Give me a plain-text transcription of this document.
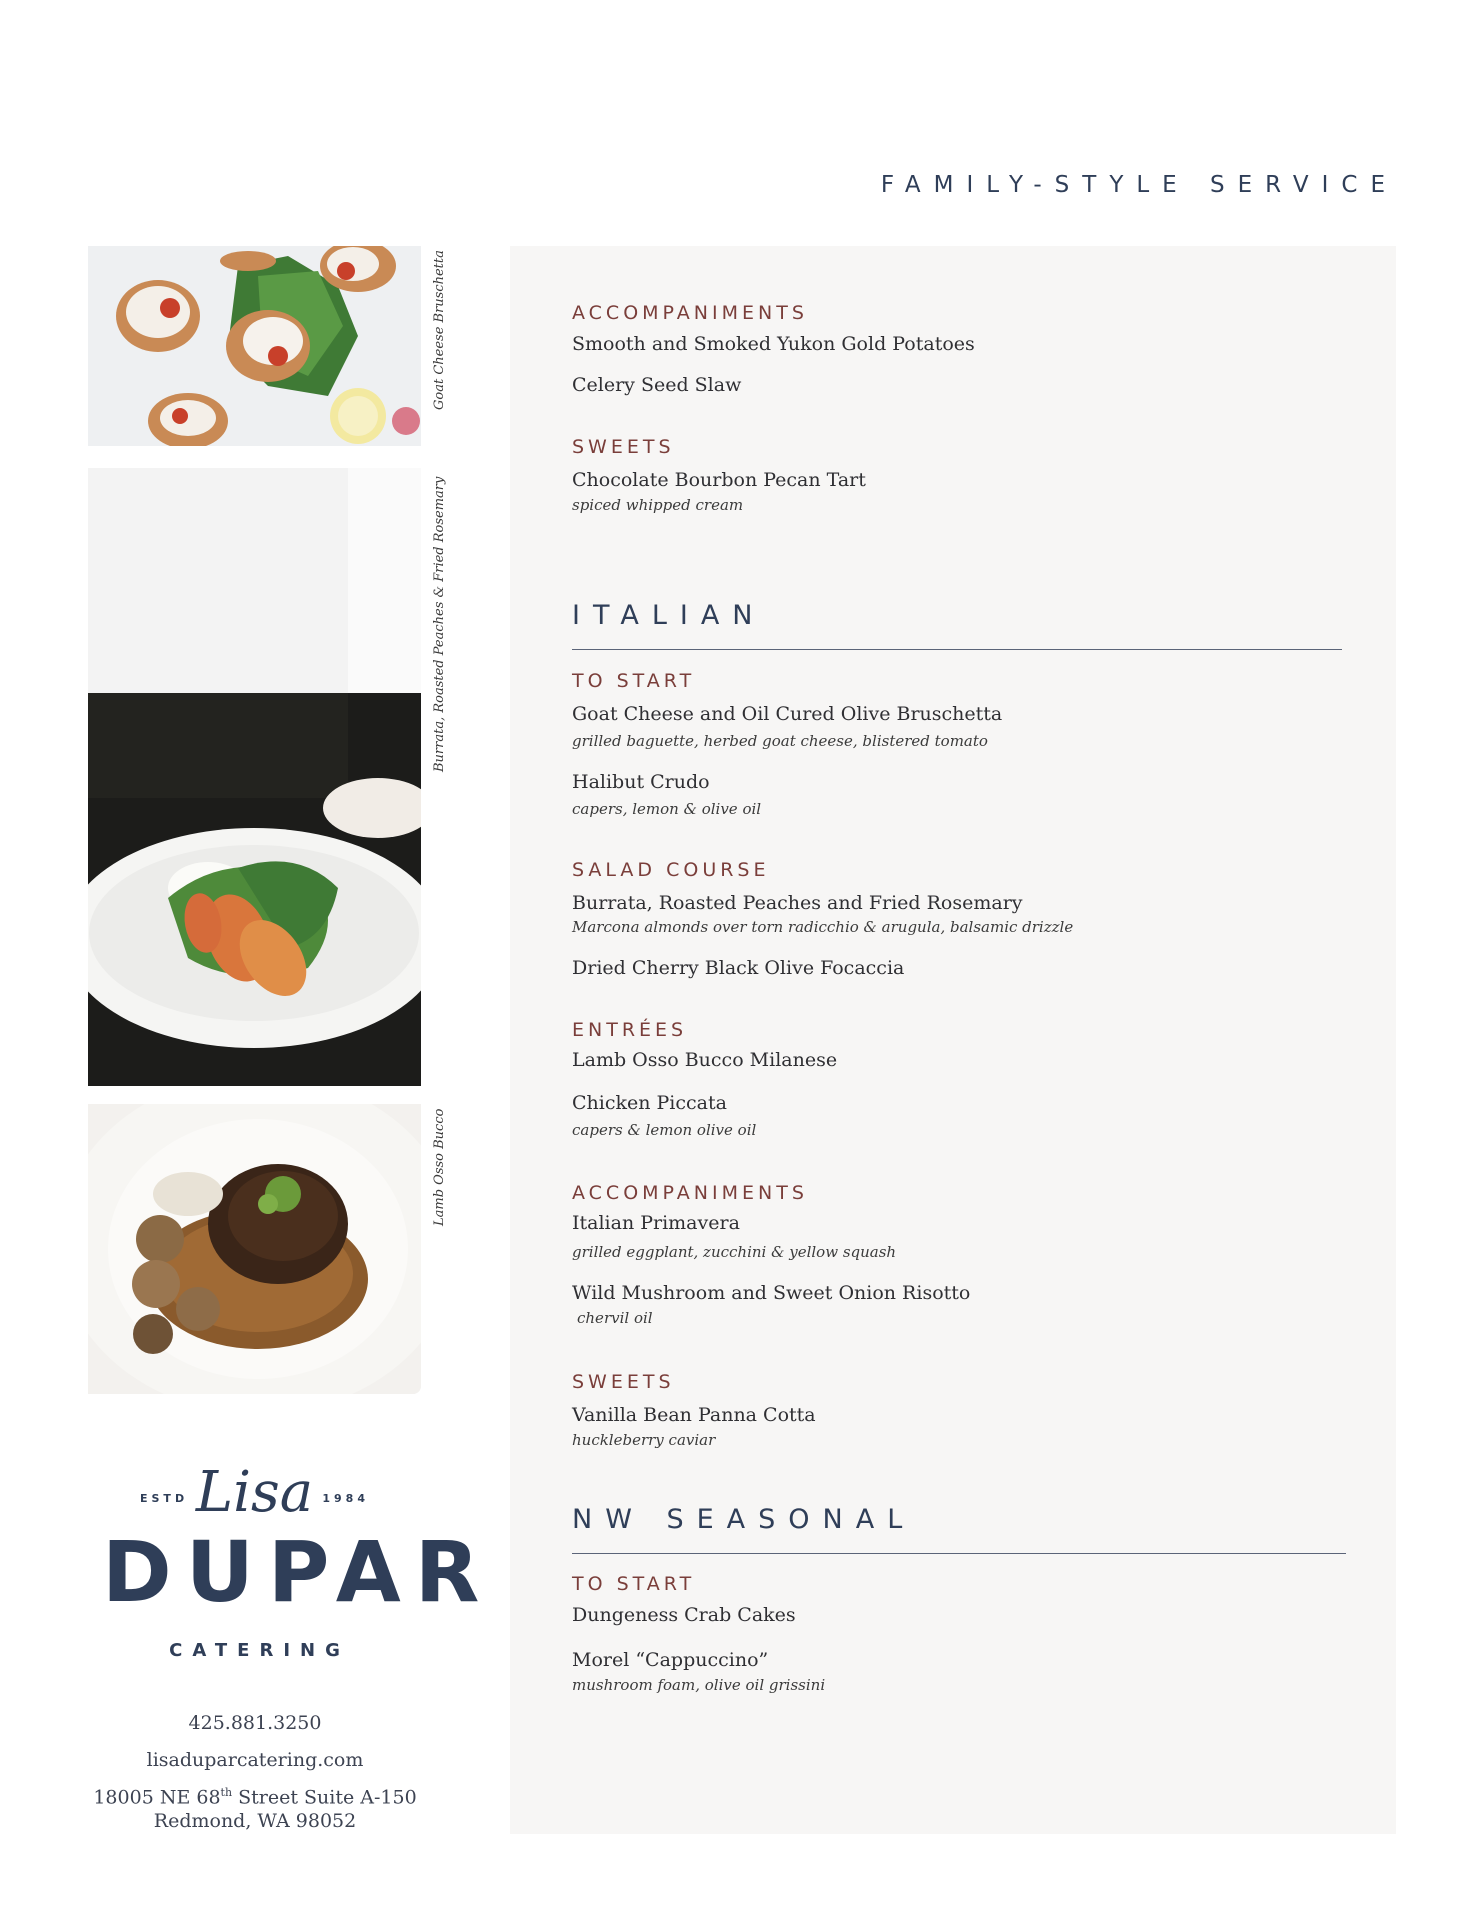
FAMILY-STYLE SERVICE
Goat Cheese Bruschetta
Burrata, Roasted Peaches & Fried Rosemary
Lamb Osso Bucco
ESTD Lisa 1984
DUPAR
CATERING
425.881.3250
lisaduparcatering.com
18005 NE 68th Street Suite A-150
Redmond, WA 98052
ACCOMPANIMENTS
Smooth and Smoked Yukon Gold Potatoes
Celery Seed Slaw
SWEETS
Chocolate Bourbon Pecan Tart
spiced whipped cream
ITALIAN
TO START
Goat Cheese and Oil Cured Olive Bruschetta
grilled baguette, herbed goat cheese, blistered tomato
Halibut Crudo
capers, lemon & olive oil
SALAD COURSE
Burrata, Roasted Peaches and Fried Rosemary
Marcona almonds over torn radicchio & arugula, balsamic drizzle
Dried Cherry Black Olive Focaccia
ENTRÉES
Lamb Osso Bucco Milanese
Chicken Piccata
capers & lemon olive oil
ACCOMPANIMENTS
Italian Primavera
grilled eggplant, zucchini & yellow squash
Wild Mushroom and Sweet Onion Risotto
chervil oil
SWEETS
Vanilla Bean Panna Cotta
huckleberry caviar
NW SEASONAL
TO START
Dungeness Crab Cakes
Morel “Cappuccino”
mushroom foam, olive oil grissini
